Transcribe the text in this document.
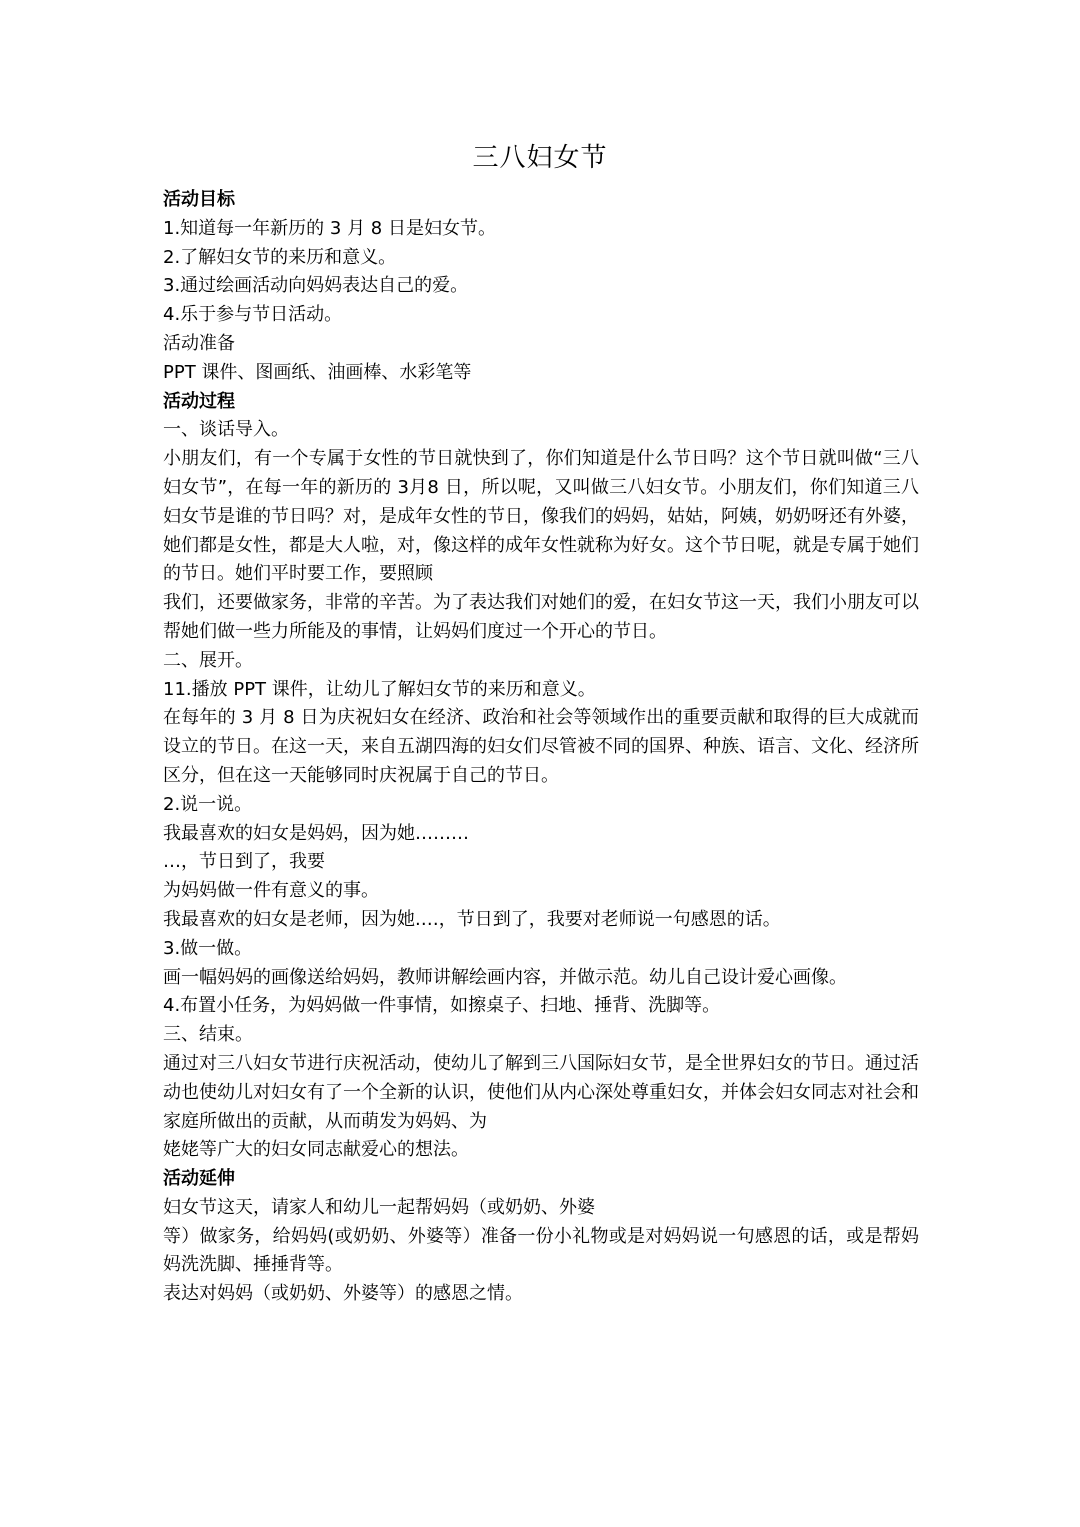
三八妇女节

活动目标

1.知道每一年新历的 3 月 8 日是妇女节。

2.了解妇女节的来历和意义。

3.通过绘画活动向妈妈表达自己的爱。

4.乐于参与节日活动。

活动准备

PPT 课件、图画纸、油画棒、水彩笔等

活动过程

一、谈话导入。

小朋友们，有一个专属于女性的节日就快到了，你们知道是什么节日吗？这个节日就叫做“三八妇女节”，在每一年的新历的 3月8 日，所以呢，又叫做三八妇女节。小朋友们，你们知道三八妇女节是谁的节日吗？对，是成年女性的节日，像我们的妈妈，姑姑，阿姨，奶奶呀还有外婆，她们都是女性，都是大人啦，对，像这样的成年女性就称为好女。这个节日呢，就是专属于她们的节日。她们平时要工作，要照顾

我们，还要做家务，非常的辛苦。为了表达我们对她们的爱，在妇女节这一天，我们小朋友可以帮她们做一些力所能及的事情，让妈妈们度过一个开心的节日。

二、展开。

11.播放 PPT 课件，让幼儿了解妇女节的来历和意义。

在每年的 3 月 8 日为庆祝妇女在经济、政治和社会等领域作出的重要贡献和取得的巨大成就而设立的节日。在这一天，来自五湖四海的妇女们尽管被不同的国界、种族、语言、文化、经济所区分，但在这一天能够同时庆祝属于自己的节日。

2.说一说。

我最喜欢的妇女是妈妈，因为她………

…，节日到了，我要

为妈妈做一件有意义的事。

我最喜欢的妇女是老师，因为她.…，节日到了，我要对老师说一句感恩的话。

3.做一做。

画一幅妈妈的画像送给妈妈，教师讲解绘画内容，并做示范。幼儿自己设计爱心画像。

4.布置小任务，为妈妈做一件事情，如擦桌子、扫地、捶背、洗脚等。

三、结束。

通过对三八妇女节进行庆祝活动，使幼儿了解到三八国际妇女节，是全世界妇女的节日。通过活动也使幼儿对妇女有了一个全新的认识，使他们从内心深处尊重妇女，并体会妇女同志对社会和家庭所做出的贡献，从而萌发为妈妈、为

姥姥等广大的妇女同志献爱心的想法。

活动延伸

妇女节这天，请家人和幼儿一起帮妈妈（或奶奶、外婆

等）做家务，给妈妈(或奶奶、外婆等）准备一份小礼物或是对妈妈说一句感恩的话，或是帮妈妈洗洗脚、捶捶背等。

表达对妈妈（或奶奶、外婆等）的感恩之情。
